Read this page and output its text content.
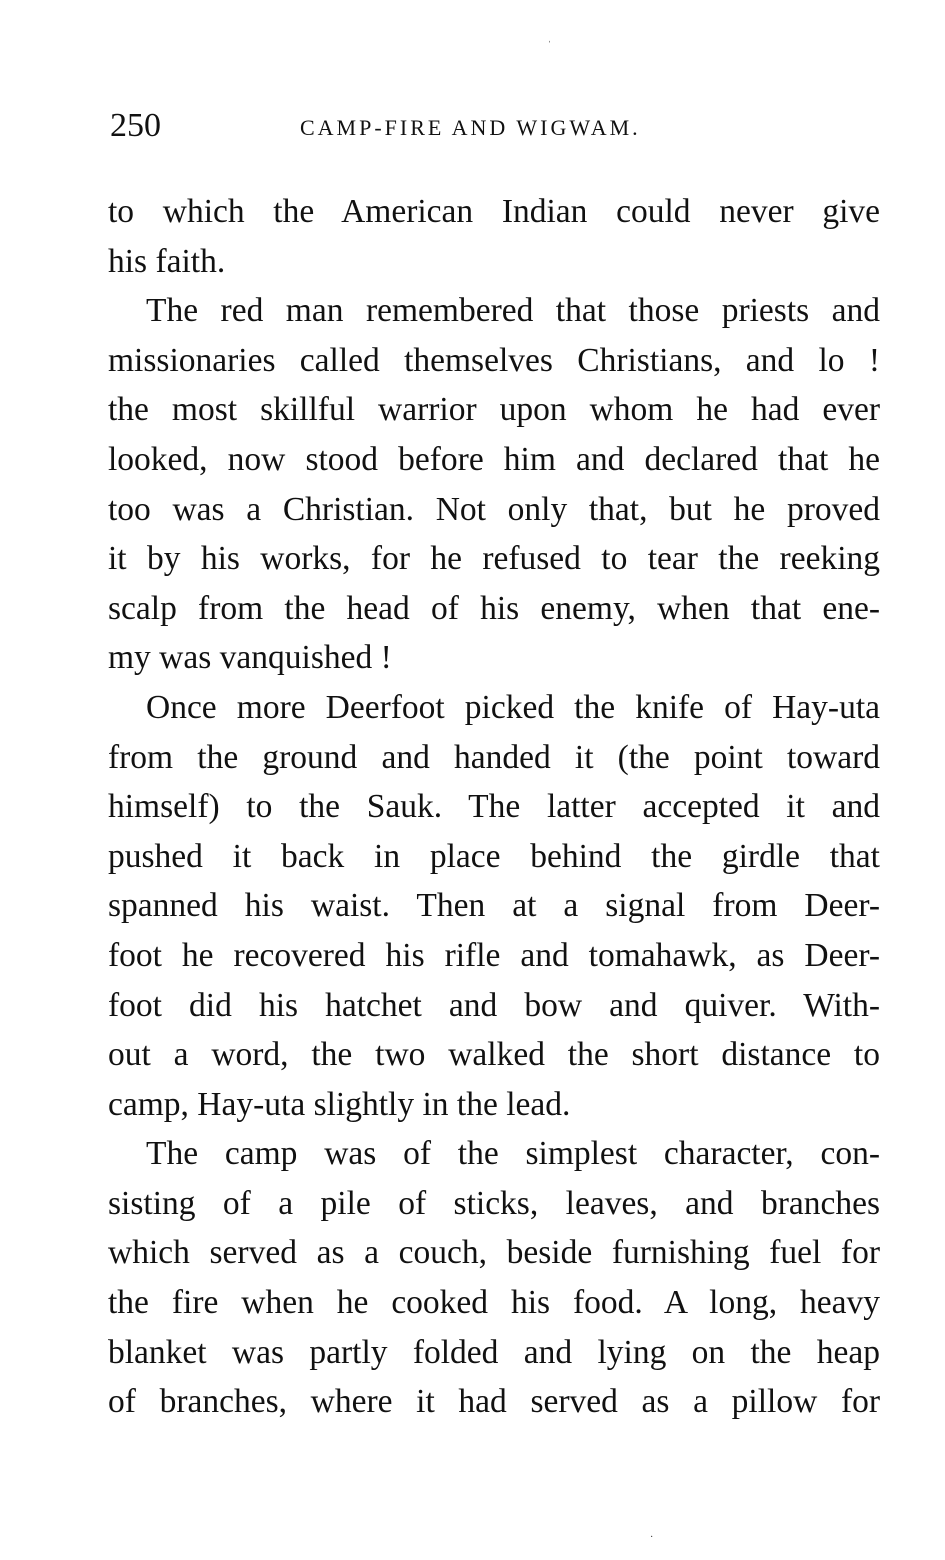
ˈ
250	CAMP-FIRE AND WIGWAM.

to which the American Indian could never give
his faith.

The red man remembered that those priests and
missionaries called themselves Christians, and lo !
the most skillful warrior upon whom he had ever
looked, now stood before him and declared that he
too was a Christian. Not only that, but he proved
it by his works, for he refused to tear the reeking
scalp from the head of his enemy, when that ene-
my was vanquished !

Once more Deerfoot picked the knife of Hay-uta
from the ground and handed it (the point toward
himself) to the Sauk. The latter accepted it and
pushed it back in place behind the girdle that
spanned his waist. Then at a signal from Deer-
foot he recovered his rifle and tomahawk, as Deer-
foot did his hatchet and bow and quiver. With-
out a word, the two walked the short distance to
camp, Hay-uta slightly in the lead.

The camp was of the simplest character, con-
sisting of a pile of sticks, leaves, and branches
which served as a couch, beside furnishing fuel for
the fire when he cooked his food. A long, heavy
blanket was partly folded and lying on the heap
of branches, where it had served as a pillow for

·
